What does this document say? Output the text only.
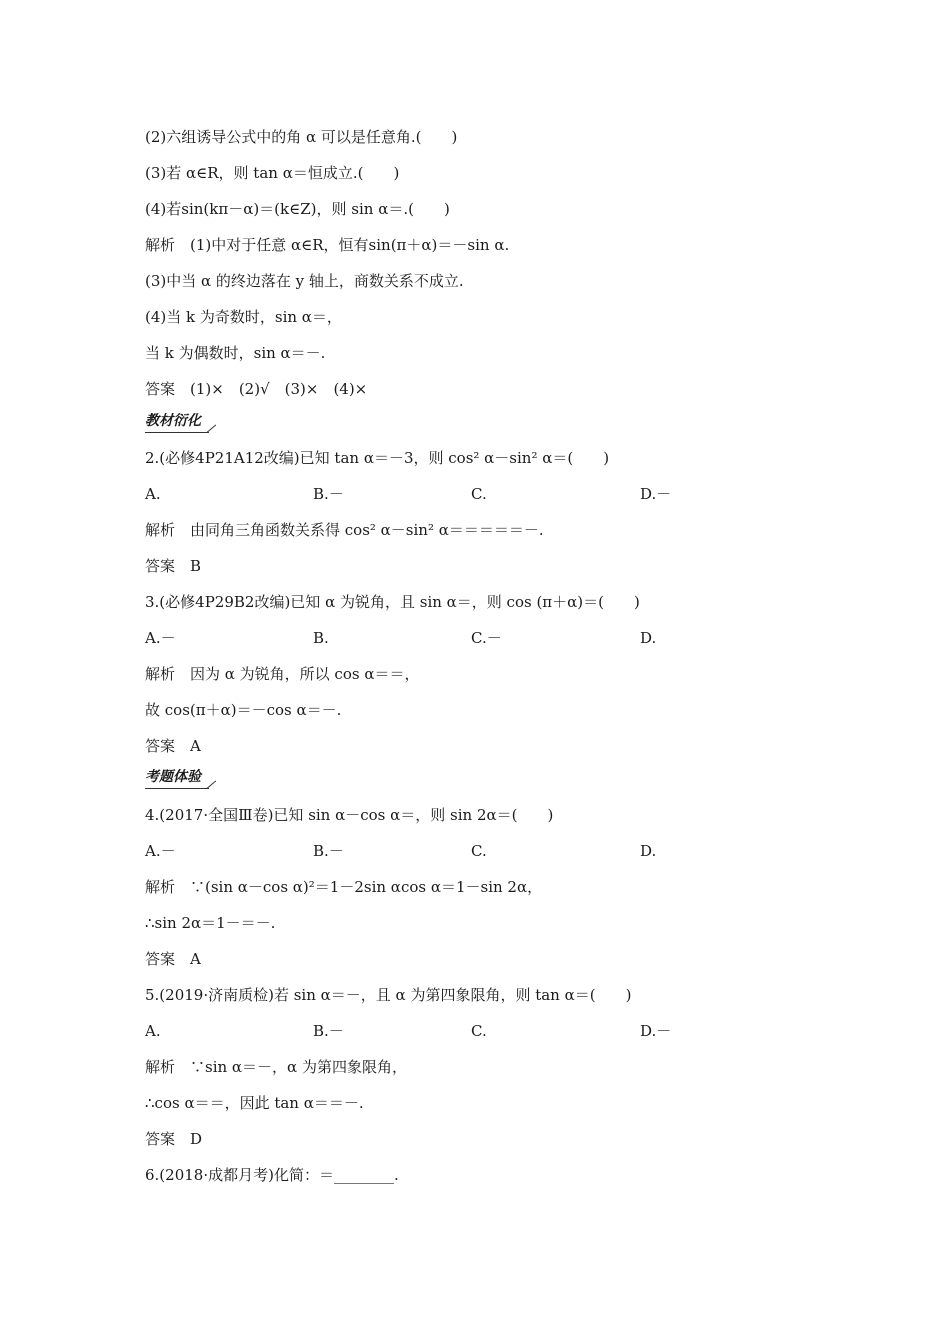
(2)六组诱导公式中的角 α 可以是任意角.(　　)
(3)若 α∈R，则 tan α＝恒成立.(　　)
(4)若sin(kπ－α)＝(k∈Z)，则 sin α＝.(　　)
解析　(1)中对于任意 α∈R，恒有sin(π＋α)＝－sin α.
(3)中当 α 的终边落在 y 轴上，商数关系不成立.
(4)当 k 为奇数时，sin α＝，
当 k 为偶数时，sin α＝－.
答案　(1)×　(2)√　(3)×　(4)×
教材衍化
2.(必修4P21A12改编)已知 tan α＝－3，则 cos² α－sin² α＝(　　)
A.	B.－	C.	D.－
解析　由同角三角函数关系得 cos² α－sin² α＝＝＝＝＝－.
答案　B
3.(必修4P29B2改编)已知 α 为锐角，且 sin α＝，则 cos (π＋α)＝(　　)
A.－	B.	C.－	D.
解析　因为 α 为锐角，所以 cos α＝＝，
故 cos(π＋α)＝－cos α＝－.
答案　A
考题体验
4.(2017·全国Ⅲ卷)已知 sin α－cos α＝，则 sin 2α＝(　　)
A.－	B.－	C.	D.
解析　∵(sin α－cos α)²＝1－2sin αcos α＝1－sin 2α，
∴sin 2α＝1－＝－.
答案　A
5.(2019·济南质检)若 sin α＝－，且 α 为第四象限角，则 tan α＝(　　)
A.	B.－	C.	D.－
解析　∵sin α＝－，α 为第四象限角，
∴cos α＝＝，因此 tan α＝＝－.
答案　D
6.(2018·成都月考)化简：＝________.
